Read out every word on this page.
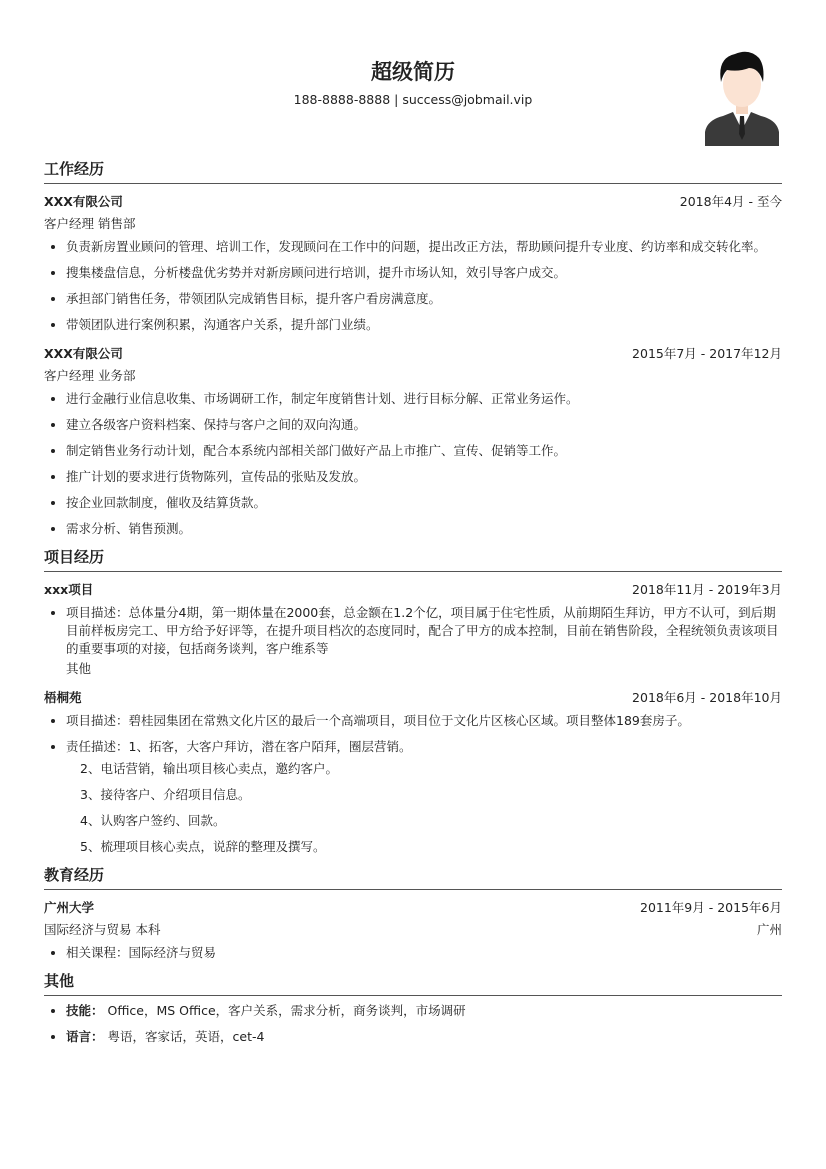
超级简历
188-8888-8888 | success@jobmail.vip
工作经历
XXX有限公司	2018年4月 - 至今
客户经理 销售部
• 负责新房置业顾问的管理、培训工作，发现顾问在工作中的问题，提出改正方法，帮助顾问提升专业度、约访率和成交转化率。
• 搜集楼盘信息，分析楼盘优劣势并对新房顾问进行培训，提升市场认知，效引导客户成交。
• 承担部门销售任务，带领团队完成销售目标，提升客户看房满意度。
• 带领团队进行案例积累，沟通客户关系，提升部门业绩。
XXX有限公司	2015年7月 - 2017年12月
客户经理 业务部
• 进行金融行业信息收集、市场调研工作，制定年度销售计划、进行目标分解、正常业务运作。
• 建立各级客户资料档案、保持与客户之间的双向沟通。
• 制定销售业务行动计划，配合本系统内部相关部门做好产品上市推广、宣传、促销等工作。
• 推广计划的要求进行货物陈列，宣传品的张贴及发放。
• 按企业回款制度，催收及结算货款。
• 需求分析、销售预测。
项目经历
xxx项目	2018年11月 - 2019年3月
• 项目描述：总体量分4期，第一期体量在2000套，总金额在1.2个亿，项目属于住宅性质，从前期陌生拜访，甲方不认可，到后期目前样板房完工、甲方给予好评等，在提升项目档次的态度同时，配合了甲方的成本控制，目前在销售阶段，全程统领负责该项目的重要事项的对接，包括商务谈判，客户维系等
其他
梧桐苑	2018年6月 - 2018年10月
• 项目描述：碧桂园集团在常熟文化片区的最后一个高端项目，项目位于文化片区核心区域。项目整体189套房子。
• 责任描述：1、拓客，大客户拜访，潜在客户陌拜，圈层营销。
2、电话营销，输出项目核心卖点，邀约客户。
3、接待客户、介绍项目信息。
4、认购客户签约、回款。
5、梳理项目核心卖点，说辞的整理及撰写。
教育经历
广州大学	2011年9月 - 2015年6月
国际经济与贸易 本科	广州
• 相关课程：国际经济与贸易
其他
• 技能： Office，MS Office，客户关系，需求分析，商务谈判，市场调研
• 语言： 粤语，客家话，英语，cet-4
